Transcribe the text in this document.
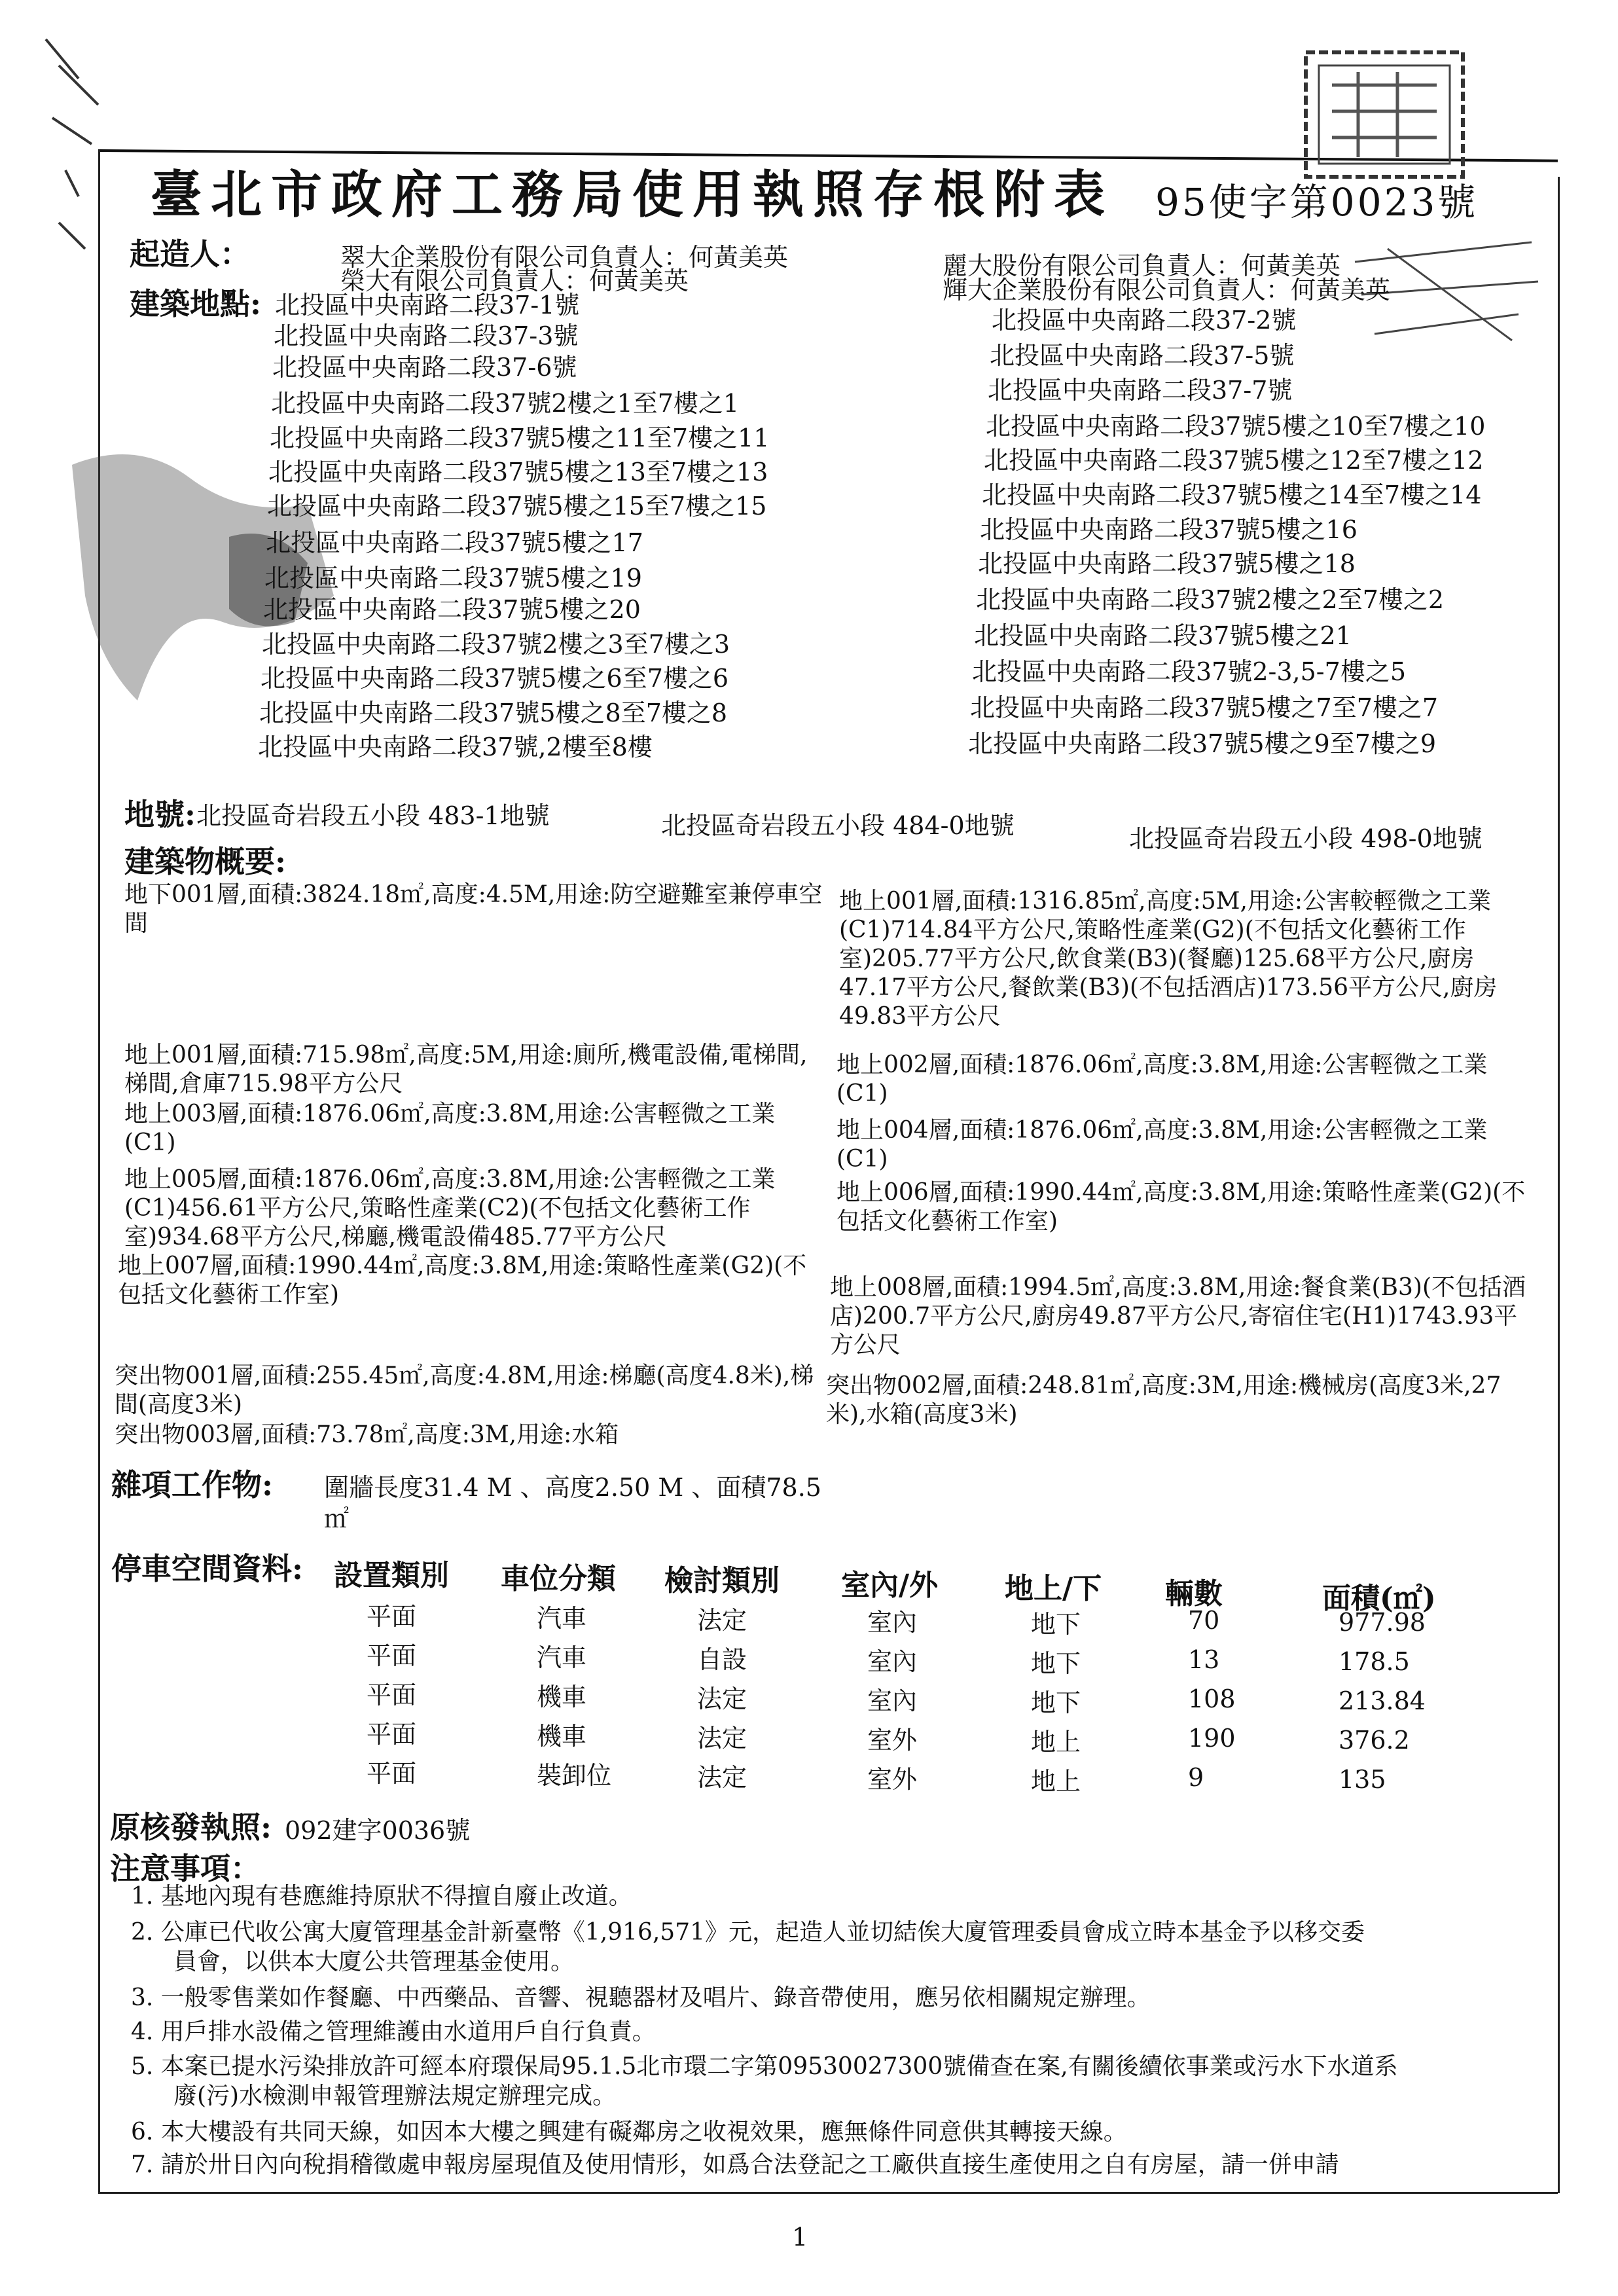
臺北市政府工務局使用執照存根附表 95使字第0023號
起造人：	翠大企業股份有限公司負責人：何黃美英
榮大有限公司負責人：何黃美英
麗大股份有限公司負責人：何黃美英
輝大企業股份有限公司負責人：何黃美英
建築地點: 北投區中央南路二段37-1號
北投區中央南路二段37-3號
北投區中央南路二段37-6號
北投區中央南路二段37號2樓之1至7樓之1
北投區中央南路二段37號5樓之11至7樓之11
北投區中央南路二段37號5樓之13至7樓之13
北投區中央南路二段37號5樓之15至7樓之15
北投區中央南路二段37號5樓之17
北投區中央南路二段37號5樓之19
北投區中央南路二段37號5樓之20
北投區中央南路二段37號2樓之3至7樓之3
北投區中央南路二段37號5樓之6至7樓之6
北投區中央南路二段37號5樓之8至7樓之8
北投區中央南路二段37號,2樓至8樓
北投區中央南路二段37-2號
北投區中央南路二段37-5號
北投區中央南路二段37-7號
北投區中央南路二段37號5樓之10至7樓之10
北投區中央南路二段37號5樓之12至7樓之12
北投區中央南路二段37號5樓之14至7樓之14
北投區中央南路二段37號5樓之16
北投區中央南路二段37號5樓之18
北投區中央南路二段37號2樓之2至7樓之2
北投區中央南路二段37號5樓之21
北投區中央南路二段37號2-3,5-7樓之5
北投區中央南路二段37號5樓之7至7樓之7
北投區中央南路二段37號5樓之9至7樓之9
地號: 北投區奇岩段五小段 483-1地號	北投區奇岩段五小段 484-0地號	北投區奇岩段五小段 498-0地號
建築物概要:
地下001層,面積:3824.18㎡,高度:4.5M,用途:防空避難室兼停車空間
地上001層,面積:1316.85㎡,高度:5M,用途:公害較輕微之工業(C1)714.84平方公尺,策略性產業(G2)(不包括文化藝術工作室)205.77平方公尺,飲食業(B3)(餐廳)125.68平方公尺,廚房47.17平方公尺,餐飲業(B3)(不包括酒店)173.56平方公尺,廚房49.83平方公尺
地上001層,面積:715.98㎡,高度:5M,用途:廁所,機電設備,電梯間,梯間,倉庫715.98平方公尺
地上002層,面積:1876.06㎡,高度:3.8M,用途:公害輕微之工業(C1)
地上003層,面積:1876.06㎡,高度:3.8M,用途:公害輕微之工業(C1)	地上004層,面積:1876.06㎡,高度:3.8M,用途:公害輕微之工業(C1)
地上005層,面積:1876.06㎡,高度:3.8M,用途:公害輕微之工業(C1)456.61平方公尺,策略性產業(C2)(不包括文化藝術工作室)934.68平方公尺,梯廳,機電設備485.77平方公尺
地上006層,面積:1990.44㎡,高度:3.8M,用途:策略性產業(G2)(不包括文化藝術工作室)
地上007層,面積:1990.44㎡,高度:3.8M,用途:策略性產業(G2)(不包括文化藝術工作室)	地上008層,面積:1994.5㎡,高度:3.8M,用途:餐食業(B3)(不包括酒店)200.7平方公尺,廚房49.87平方公尺,寄宿住宅(H1)1743.93平方公尺
突出物001層,面積:255.45㎡,高度:4.8M,用途:梯廳(高度4.8米),梯間(高度3米)
突出物002層,面積:248.81㎡,高度:3M,用途:機械房(高度3米,27米),水箱(高度3米)
突出物003層,面積:73.78㎡,高度:3M,用途:水箱
雜項工作物: 圍牆長度31.4 M 、高度2.50 M 、面積78.5 ㎡
停車空間資料: 設置類別 車位分類 檢討類別 室內/外 地上/下 輛數	面積(㎡)
平面	汽車	法定	室內	地下	70	977.98
平面	汽車	自設	室內	地下	13	178.5
平面	機車	法定	室內	地下	108	213.84
平面	機車	法定	室外	地上	190	376.2
平面	裝卸位	法定	室外	地上	9	135
原核發執照: 092建字0036號
注意事項：
1. 基地內現有巷應維持原狀不得擅自廢止改道。
2. 公庫已代收公寓大廈管理基金計新臺幣《1,916,571》元，起造人並切結俟大廈管理委員會成立時本基金予以移交委
員會，以供本大廈公共管理基金使用。
3. 一般零售業如作餐廳、中西藥品、音響、視聽器材及唱片、錄音帶使用，應另依相關規定辦理。
4. 用戶排水設備之管理維護由水道用戶自行負責。
5. 本案已提水污染排放許可經本府環保局95.1.5北市環二字第09530027300號備查在案,有關後續依事業或污水下水道系
廢(污)水檢測申報管理辦法規定辦理完成。
6. 本大樓設有共同天線，如因本大樓之興建有礙鄰房之收視效果，應無條件同意供其轉接天線。
7. 請於卅日內向稅捐稽徵處申報房屋現值及使用情形，如爲合法登記之工廠供直接生產使用之自有房屋，請一併申請
1
